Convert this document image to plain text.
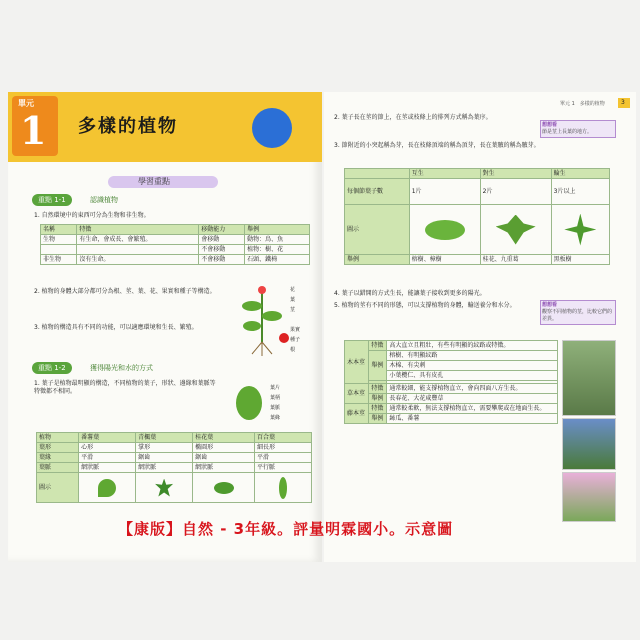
單元
1 多樣的植物
學習重點
重點 1-1	認識植物
1. 自然環境中的東西可分為生物和非生物。
名稱	特徵	移動能力	舉例
生物	有生命，會成長、會繁殖。	會移動	動物：鳥、魚
		不會移動	植物：樹、花
非生物	沒有生命。	不會移動	石頭、鐵椅
2. 植物的身體大部分都可分為根、莖、葉、花、果實和種子等構造。
3. 植物的構造具有不同的功能，可以適應環境和生長、繁殖。
花
葉
莖
果實
種子
根
重點 1-2	獲得陽光和水的方式
1. 葉子是植物最明顯的構造，不同植物的葉子，形狀、邊緣和葉脈等特徵都不相同。	葉片
葉柄
葉脈
葉緣
植物	番薯葉	青楓葉	桂花葉	百合葉
葉形	心形	掌形	橢圓形	細長形
葉緣	平滑	鋸齒	鋸齒	平滑
葉脈	網狀脈	網狀脈	網狀脈	平行脈
圖示	

單元 1　多樣的植物	3
2. 葉子長在莖的節上，在莖或枝條上的排列方式稱為葉序。
想想看
節是莖上長葉的地方。
3. 節附近的小突起稱為芽，長在枝條頂端的稱為頂芽，長在葉腋的稱為腋芽。
	互生	對生	輪生
每個節葉子數	1片	2片	3片以上
圖示	

舉例	榕樹、樟樹	桂花、九重葛	黑板樹
4. 葉子以錯開的方式生長，能讓葉子接收到更多的陽光。
5. 植物的莖有不同的形態，可以支撐植物的身體，輸送養分和水分。	想想看
觀察不同植物的莖，比較它們的差異。
木本莖	特徵	高大直立且粗壯，有些有明顯的紋路或特徵。
	舉例	榕樹、有明顯紋路
		木棉、有尖刺
		小葉欖仁、具有皮孔

草本莖	特徵	通常較細，能支撐植物直立，會向四面八方生長。
	舉例	長春花、大花咸豐草
藤本莖	特徵	通常較柔軟，無法支撐植物直立，需要攀爬或在地面生長。
	舉例	絲瓜、番薯
【康版】自然 - 3年級。評量明霖國小。示意圖
